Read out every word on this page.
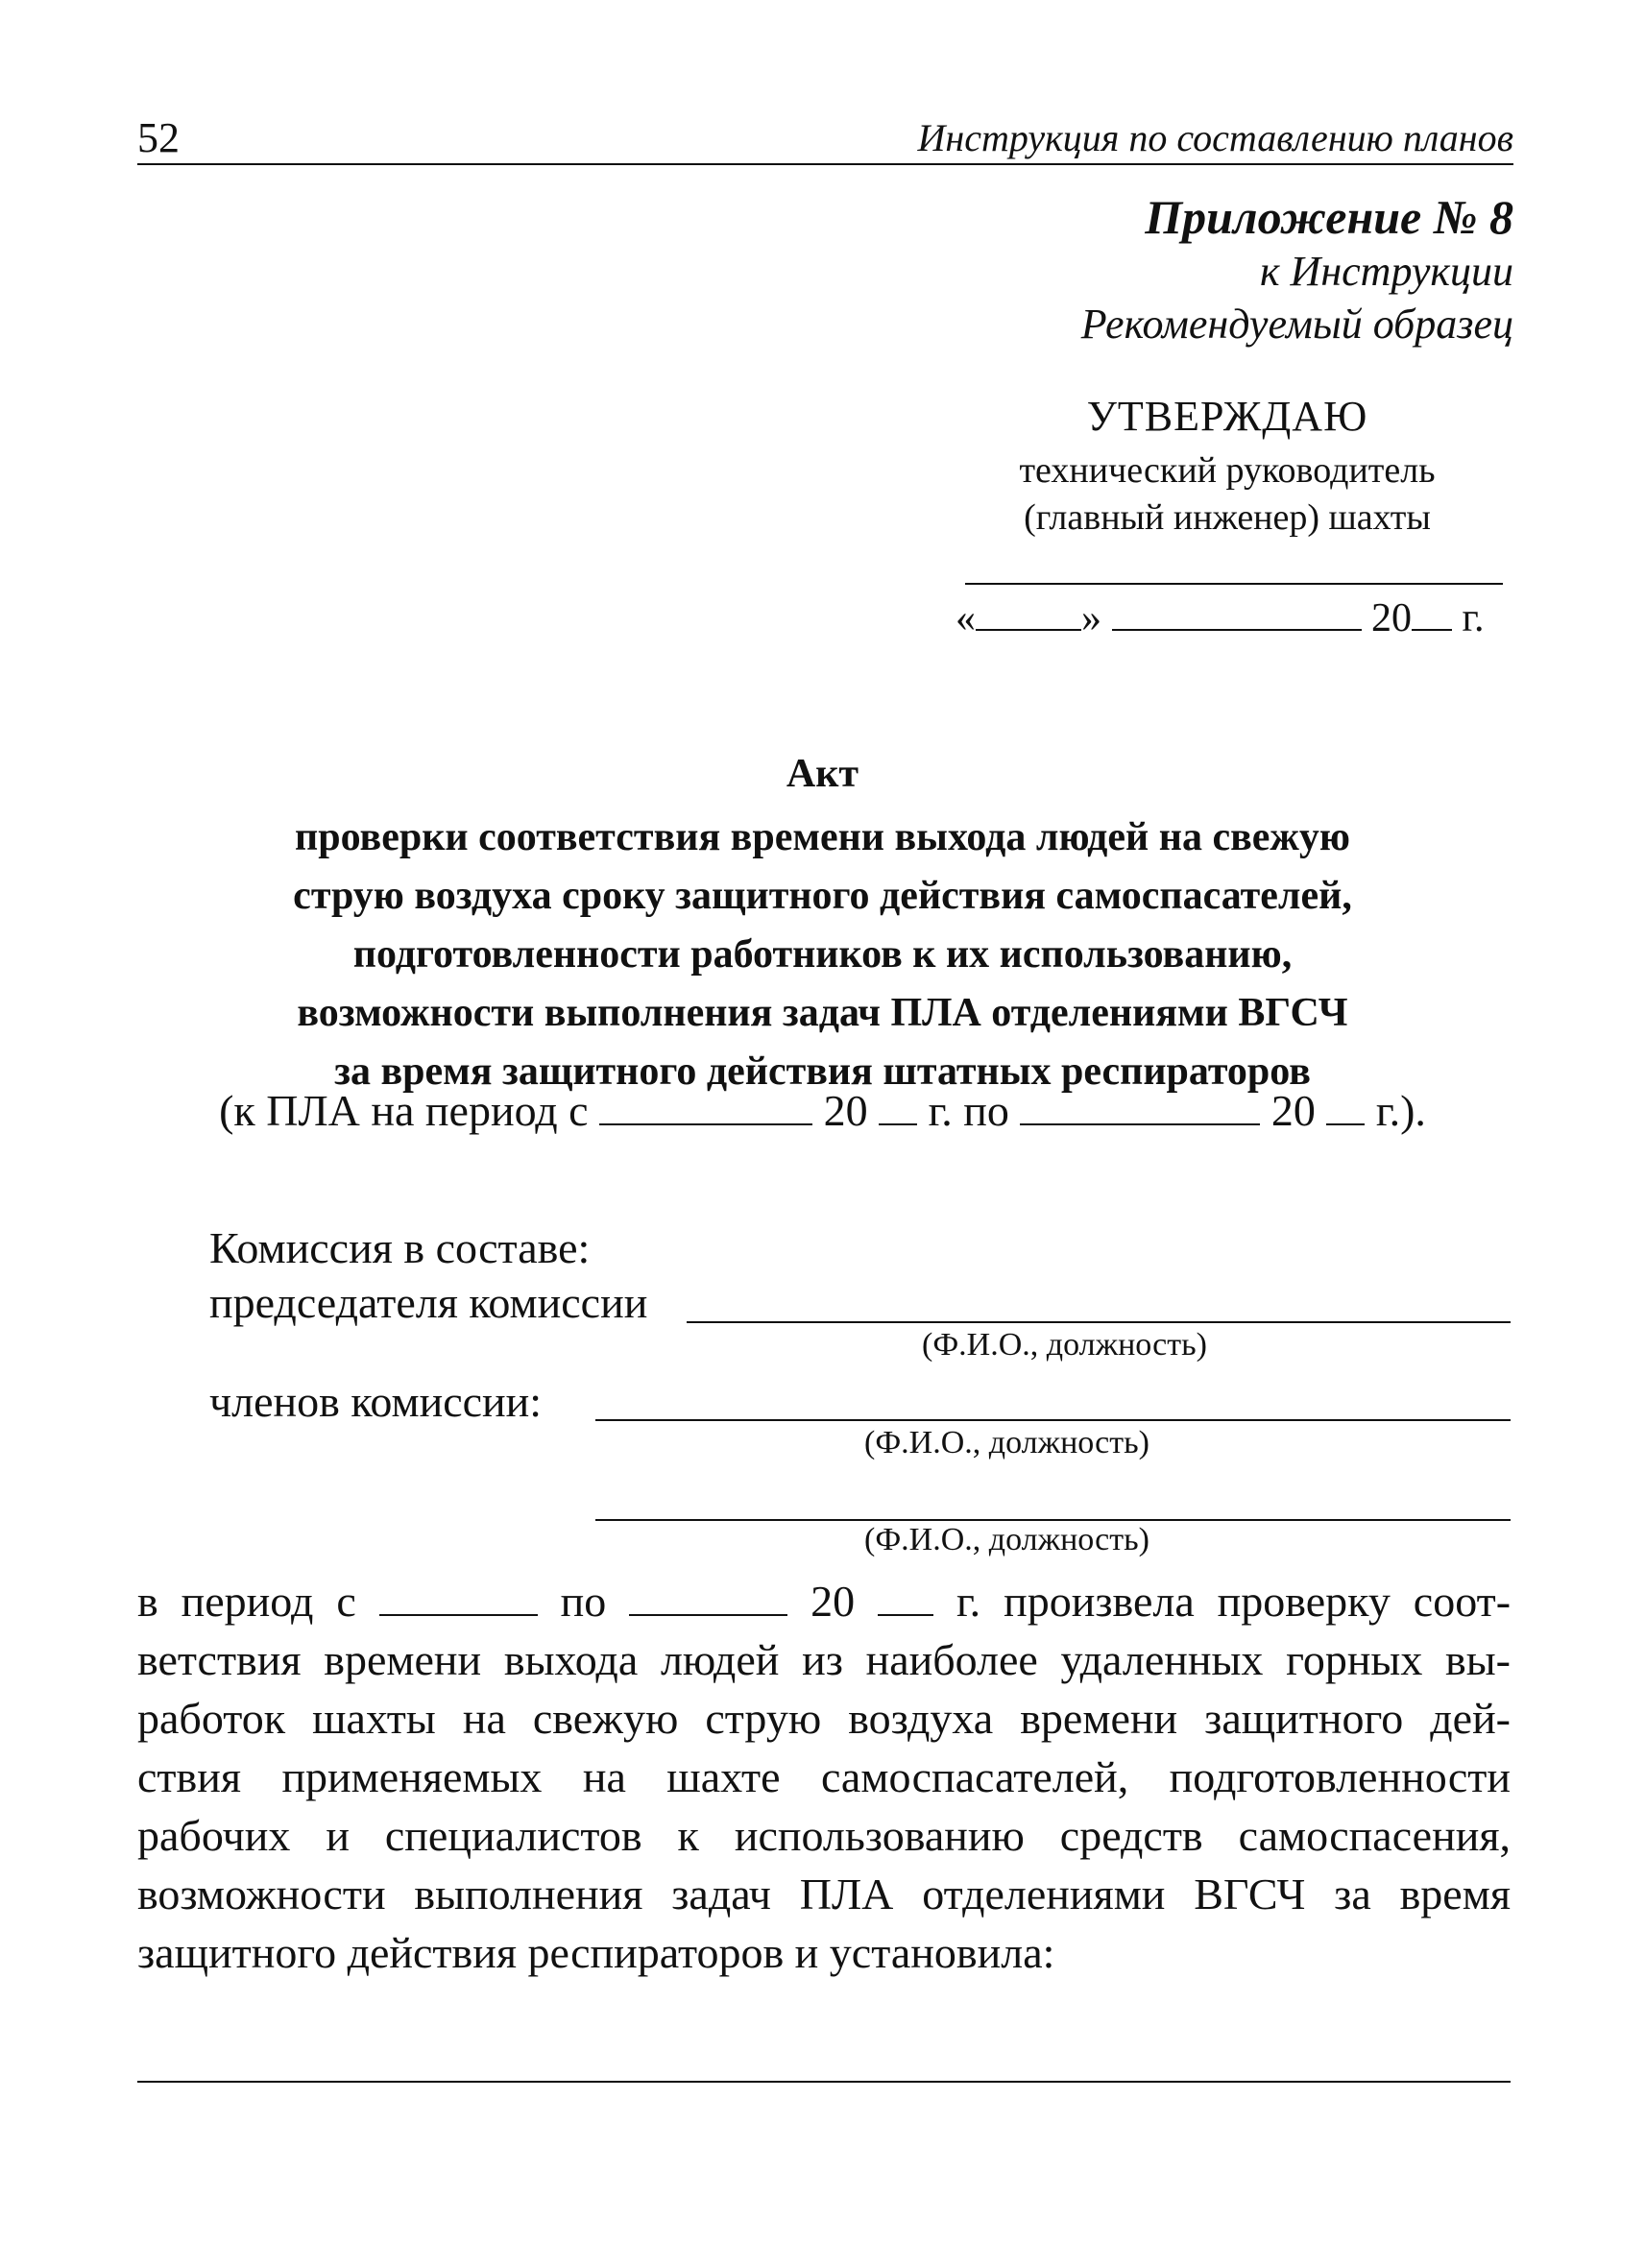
52	Инструкция по составлению планов
Приложение № 8
к Инструкции
Рекомендуемый образец
УТВЕРЖДАЮ
технический руководитель
(главный инженер) шахты
«	»	20 г.
Акт
проверки соответствия времени выхода людей на свежую
струю воздуха сроку защитного действия самоспасателей,
подготовленности работников к их использованию,
возможности выполнения задач ПЛА отделениями ВГСЧ
за время защитного действия штатных респираторов
(к ПЛА на период с	20 г. по	20 г.).
Комиссия в составе:
председателя комиссии
(Ф.И.О., должность)
членов комиссии:
(Ф.И.О., должность)
(Ф.И.О., должность)
в период с	по	20 г. произвела проверку соот-
ветствия времени выхода людей из наиболее удаленных горных вы-
работок шахты на свежую струю воздуха времени защитного дей-
ствия применяемых на шахте самоспасателей, подготовленности
рабочих и специалистов к использованию средств самоспасения,
возможности выполнения задач ПЛА отделениями ВГСЧ за время
защитного действия респираторов и установила:
